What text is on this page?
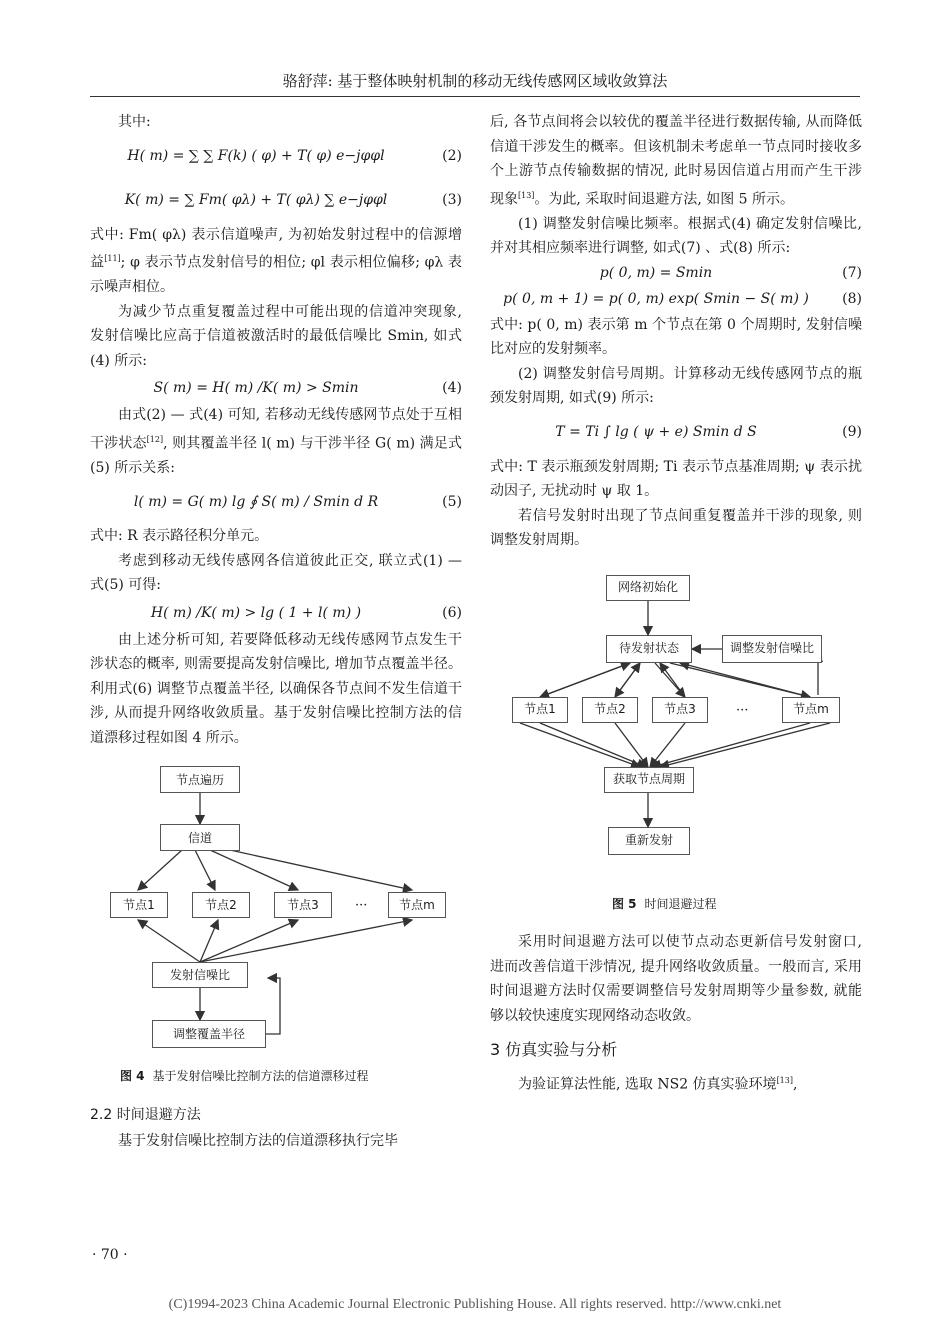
骆舒萍: 基于整体映射机制的移动无线传感网区域收敛算法

其中:

H( m) = ∑ ∑ F(k) ( φ) + T( φ) e−jφφl	(2)
K( m) = ∑ Fm( φλ) + T( φλ) ∑ e−jφφl	(3)

式中: Fm( φλ) 表示信道噪声, 为初始发射过程中的信源增益[11]; φ 表示节点发射信号的相位; φl 表示相位偏移; φλ 表示噪声相位。

为减少节点重复覆盖过程中可能出现的信道冲突现象, 发射信噪比应高于信道被激活时的最低信噪比 Smin, 如式(4) 所示:

S( m) = H( m) /K( m) > Smin	(4)

由式(2) — 式(4) 可知, 若移动无线传感网节点处于互相干涉状态[12], 则其覆盖半径 l( m) 与干涉半径 G( m) 满足式(5) 所示关系:

l( m) = G( m) lg ∮ S( m) / Smin d R	(5)

式中: R 表示路径积分单元。

考虑到移动无线传感网各信道彼此正交, 联立式(1) — 式(5) 可得:

H( m) /K( m) > lg ( 1 + l( m) )	(6)

由上述分析可知, 若要降低移动无线传感网节点发生干涉状态的概率, 则需要提高发射信噪比, 增加节点覆盖半径。利用式(6) 调整节点覆盖半径, 以确保各节点间不发生信道干涉, 从而提升网络收敛质量。基于发射信噪比控制方法的信道漂移过程如图 4 所示。

节点遍历
信道
节点1	节点2	节点3	···	节点m
发射信噪比
调整覆盖半径
图 4 基于发射信噪比控制方法的信道漂移过程
2.2 时间退避方法

基于发射信噪比控制方法的信道漂移执行完毕

后, 各节点间将会以较优的覆盖半径进行数据传输, 从而降低信道干涉发生的概率。但该机制未考虑单一节点同时接收多个上游节点传输数据的情况, 此时易因信道占用而产生干涉现象[13]。为此, 采取时间退避方法, 如图 5 所示。

(1) 调整发射信噪比频率。根据式(4) 确定发射信噪比, 并对其相应频率进行调整, 如式(7) 、式(8) 所示:

p( 0, m) = Smin	(7)
p( 0, m + 1) = p( 0, m) exp( Smin − S( m) )	(8)

式中: p( 0, m) 表示第 m 个节点在第 0 个周期时, 发射信噪比对应的发射频率。

(2) 调整发射信号周期。计算移动无线传感网节点的瓶颈发射周期, 如式(9) 所示:

T = Ti ∫ lg ( ψ + e) Smin d S	(9)

式中: T 表示瓶颈发射周期; Ti 表示节点基准周期; ψ 表示扰动因子, 无扰动时 ψ 取 1。

若信号发射时出现了节点间重复覆盖并干涉的现象, 则调整发射周期。

网络初始化
待发射状态	调整发射信噪比
节点1	节点2	节点3	···	节点m
获取节点周期
重新发射
图 5 时间退避过程

采用时间退避方法可以使节点动态更新信号发射窗口, 进而改善信道干涉情况, 提升网络收敛质量。一般而言, 采用时间退避方法时仅需要调整信号发射周期等少量参数, 就能够以较快速度实现网络动态收敛。

3 仿真实验与分析

为验证算法性能, 选取 NS2 仿真实验环境[13],

· 70 ·
(C)1994-2023 China Academic Journal Electronic Publishing House. All rights reserved. http://www.cnki.net
